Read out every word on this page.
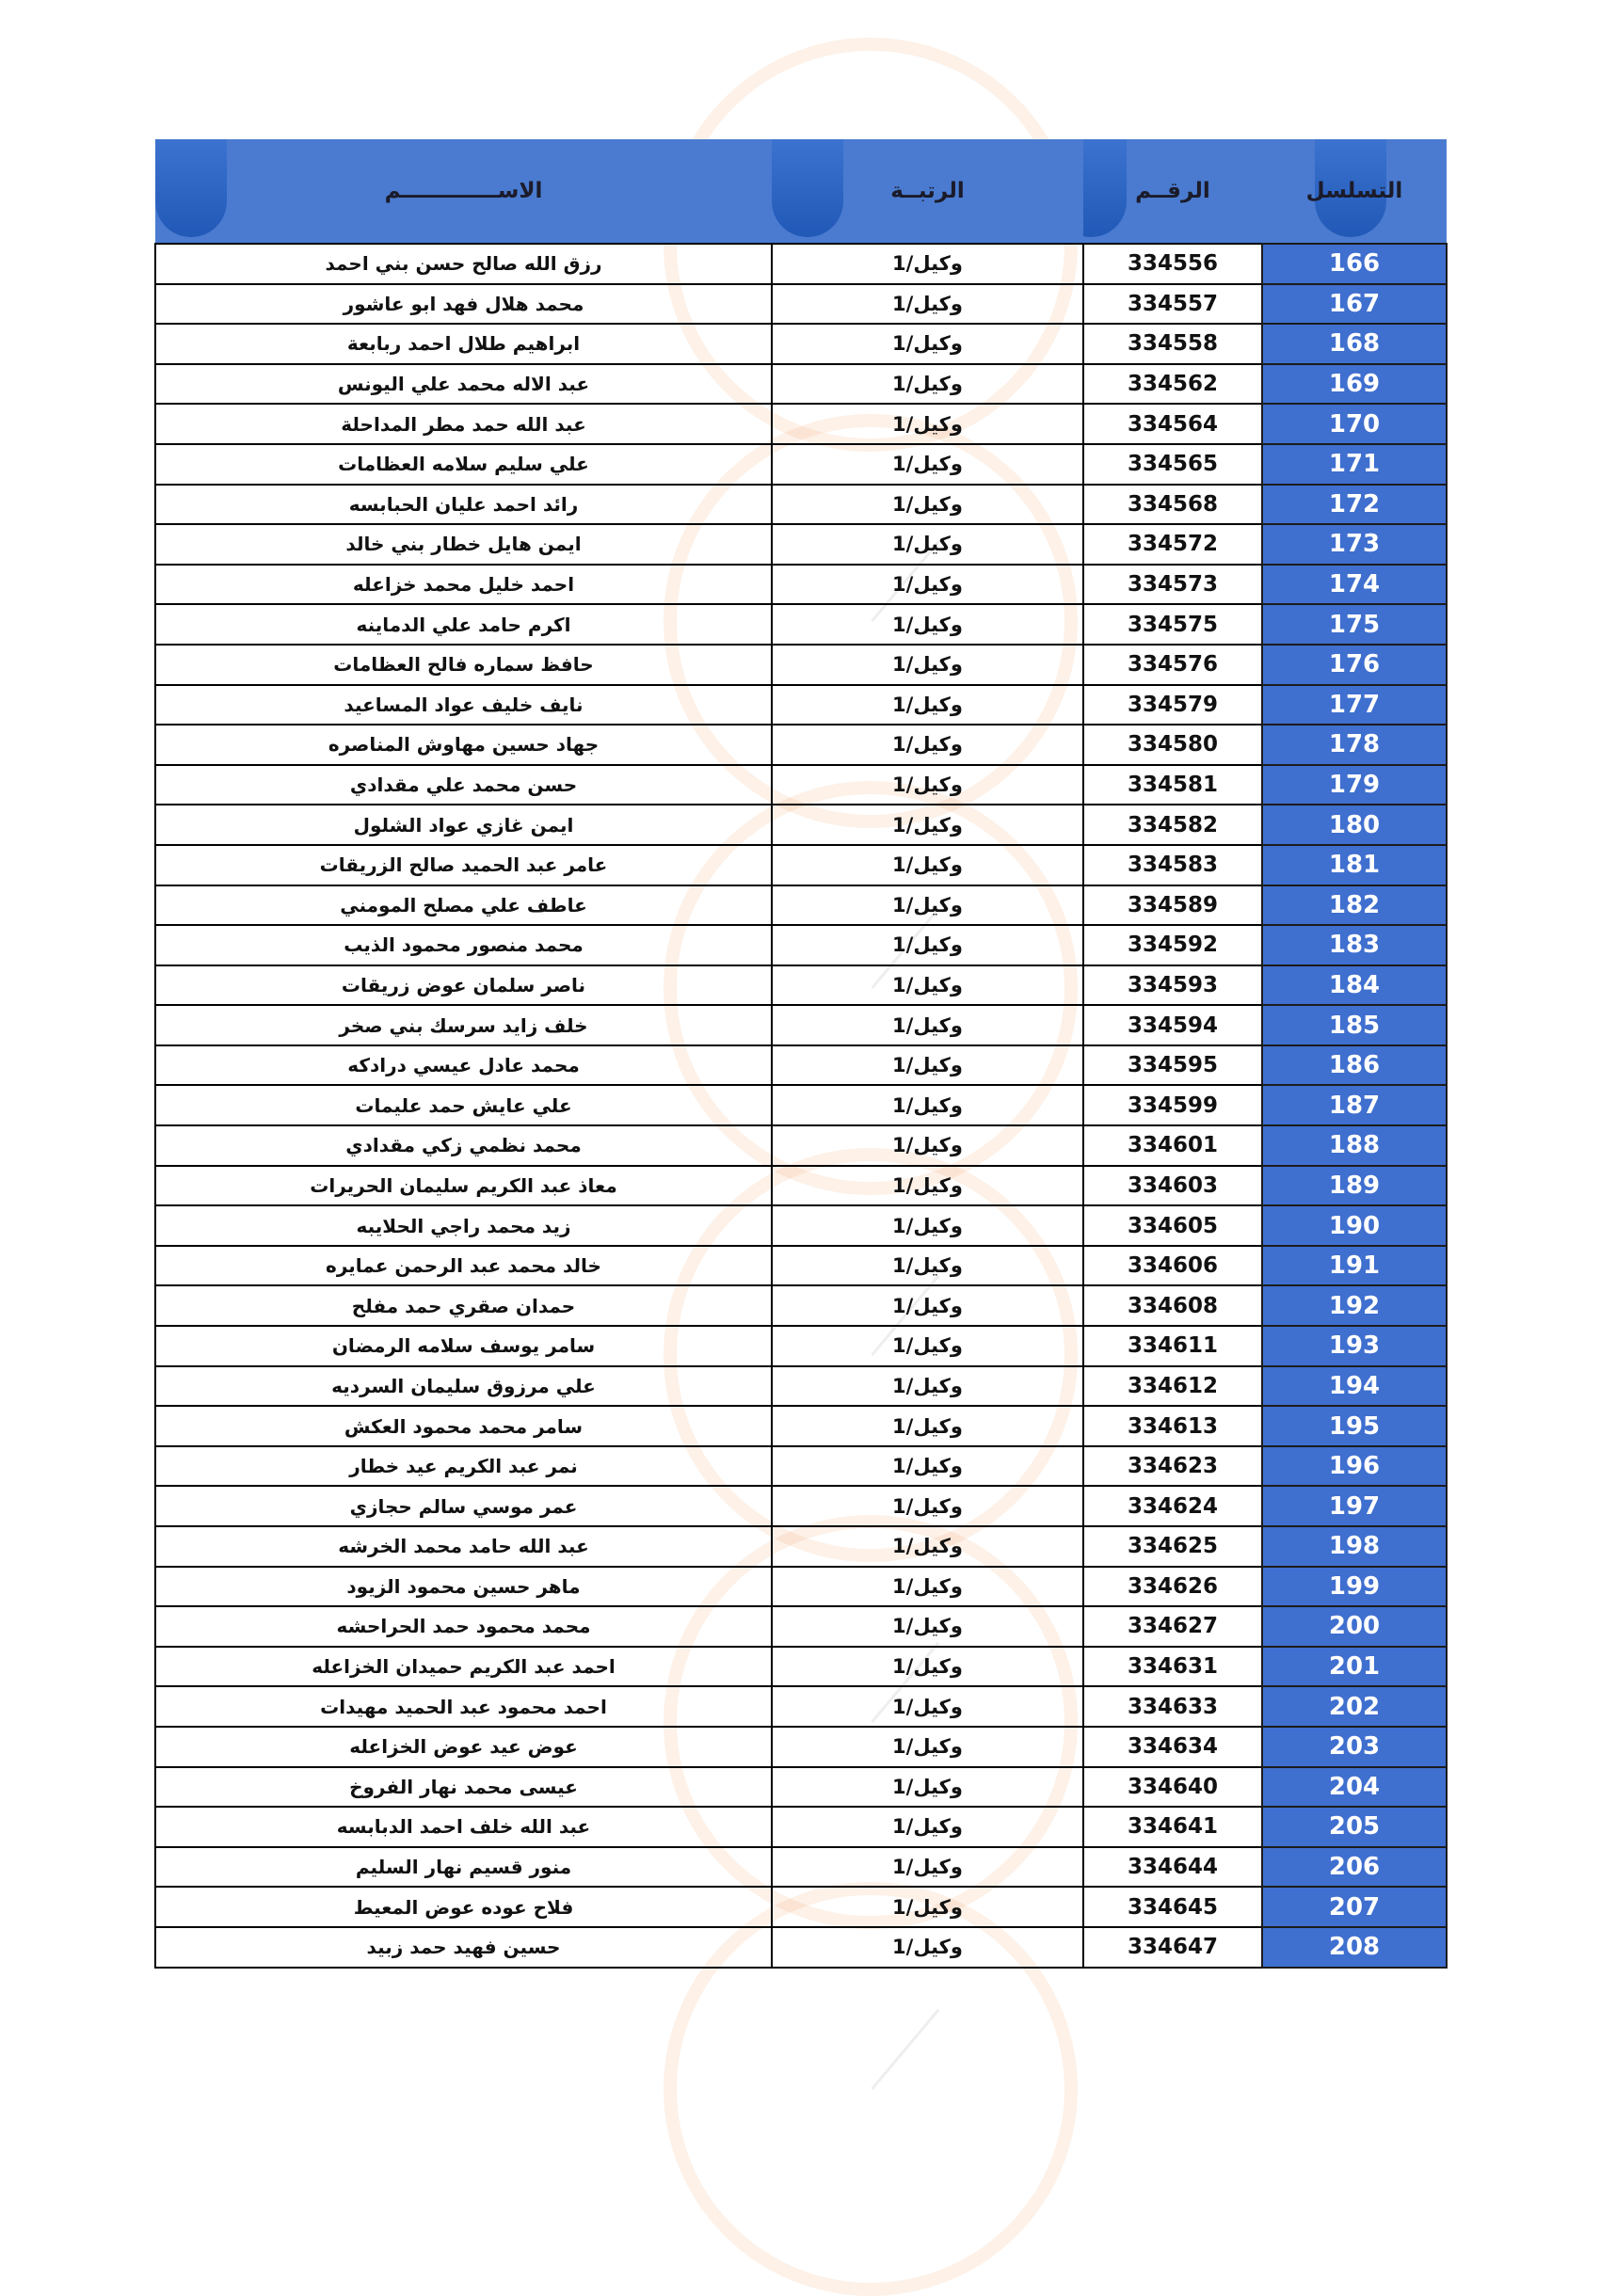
التسلسل	الرقــم	الرتبــة	الاســـــــــــــم
166	334556	وكيل/1	رزق الله صالح حسن بني احمد
167	334557	وكيل/1	محمد هلال فهد ابو عاشور
168	334558	وكيل/1	ابراهيم طلال احمد ربابعة
169	334562	وكيل/1	عبد الاله محمد علي اليونس
170	334564	وكيل/1	عبد الله حمد مطر المداحلة
171	334565	وكيل/1	علي سليم سلامه العظامات
172	334568	وكيل/1	رائد احمد عليان الحبابسه
173	334572	وكيل/1	ايمن هايل خطار بني خالد
174	334573	وكيل/1	احمد خليل محمد خزاعله
175	334575	وكيل/1	اكرم حامد علي الدماينه
176	334576	وكيل/1	حافظ سماره فالح العظامات
177	334579	وكيل/1	نايف خليف عواد المساعيد
178	334580	وكيل/1	جهاد حسين مهاوش المناصره
179	334581	وكيل/1	حسن محمد علي مقدادي
180	334582	وكيل/1	ايمن غازي عواد الشلول
181	334583	وكيل/1	عامر عبد الحميد صالح الزريقات
182	334589	وكيل/1	عاطف علي مصلح المومني
183	334592	وكيل/1	محمد منصور محمود الذيب
184	334593	وكيل/1	ناصر سلمان عوض زريقات
185	334594	وكيل/1	خلف زايد سرسك بني صخر
186	334595	وكيل/1	محمد عادل عيسي درادكه
187	334599	وكيل/1	علي عايش حمد عليمات
188	334601	وكيل/1	محمد نظمي زكي مقدادي
189	334603	وكيل/1	معاذ عبد الكريم سليمان الحريرات
190	334605	وكيل/1	زيد محمد راجي الحلايبه
191	334606	وكيل/1	خالد محمد عبد الرحمن عمايره
192	334608	وكيل/1	حمدان صقري حمد مفلح
193	334611	وكيل/1	سامر يوسف سلامه الرمضان
194	334612	وكيل/1	علي مرزوق سليمان السرديه
195	334613	وكيل/1	سامر محمد محمود العكش
196	334623	وكيل/1	نمر عبد الكريم عيد خطار
197	334624	وكيل/1	عمر موسي سالم حجازي
198	334625	وكيل/1	عبد الله حامد محمد الخرشه
199	334626	وكيل/1	ماهر حسين محمود الزيود
200	334627	وكيل/1	محمد محمود حمد الحراحشه
201	334631	وكيل/1	احمد عبد الكريم حميدان الخزاعله
202	334633	وكيل/1	احمد محمود عبد الحميد مهيدات
203	334634	وكيل/1	عوض عيد عوض الخزاعله
204	334640	وكيل/1	عيسى محمد نهار الفروخ
205	334641	وكيل/1	عبد الله خلف احمد الدبابسه
206	334644	وكيل/1	منور قسيم نهار السليم
207	334645	وكيل/1	فلاح عوده عوض المعيط
208	334647	وكيل/1	حسين فهيد حمد زبيد
